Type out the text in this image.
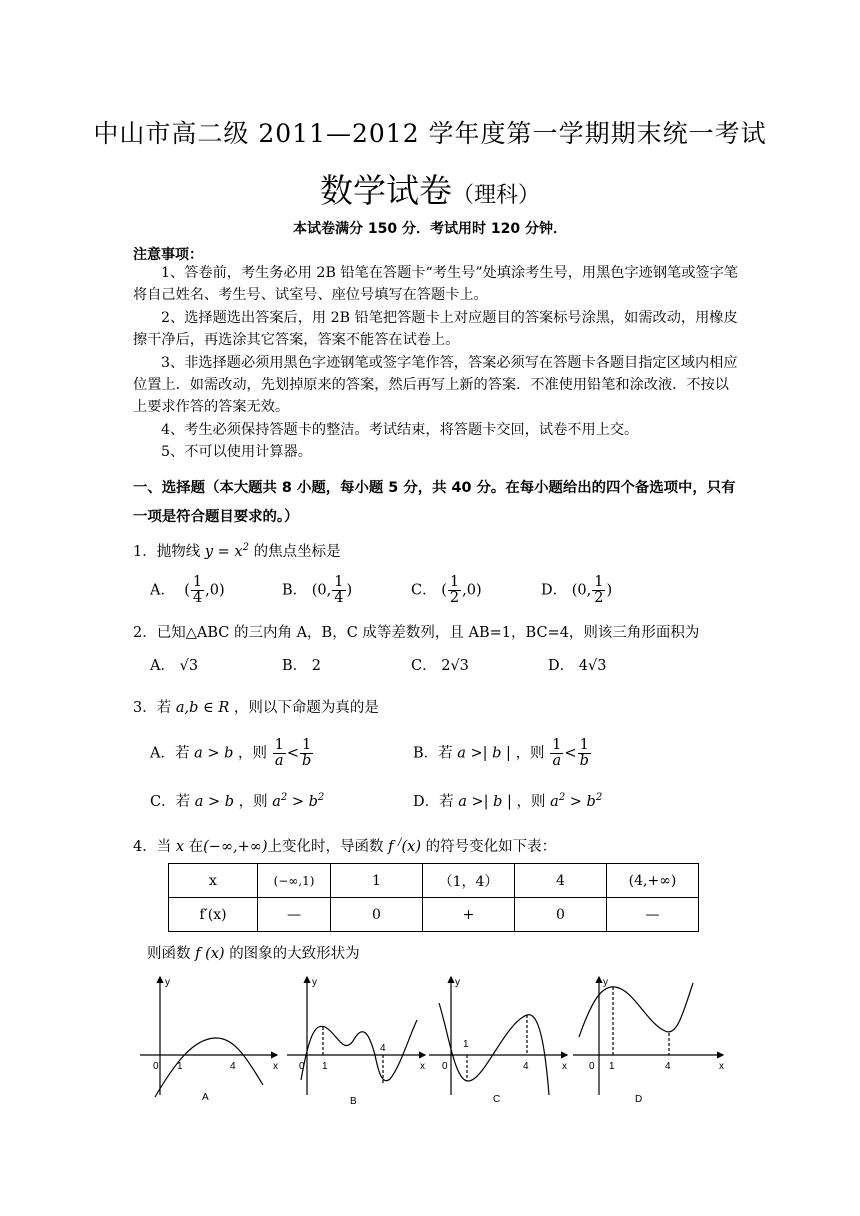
中山市高二级 2011—2012 学年度第一学期期末统一考试
数学试卷（理科）
本试卷满分 150 分．考试用时 120 分钟．
注意事项：

1、答卷前，考生务必用 2B 铅笔在答题卡“考生号”处填涂考生号，用黑色字迹钢笔或签字笔将自己姓名、考生号、试室号、座位号填写在答题卡上。

2、选择题选出答案后，用 2B 铅笔把答题卡上对应题目的答案标号涂黑，如需改动，用橡皮擦干净后，再选涂其它答案，答案不能答在试卷上。

3、非选择题必须用黑色字迹钢笔或签字笔作答，答案必须写在答题卡各题目指定区域内相应位置上．如需改动，先划掉原来的答案，然后再写上新的答案．不准使用铅笔和涂改液．不按以上要求作答的答案无效。

4、考生必须保持答题卡的整洁。考试结束，将答题卡交回，试卷不用上交。

5、不可以使用计算器。

一、选择题（本大题共 8 小题，每小题 5 分，共 40 分。在每小题给出的四个备选项中，只有一项是符合题目要求的。）
1．抛物线 $y = x^2$ 的焦点坐标是
A． ( $\frac{1}{4} ,0$)	B． (0, $\frac{1}{4}$ )	C． ( $\frac{1}{2} ,0$)	D． (0, $\frac{1}{2}$ )
2．已知△ABC 的三内角 A，B，C 成等差数列，且 AB=1，BC=4，则该三角形面积为
A． √3	B． 2	C． 2√3	D． 4√3
3．若 a,b ∈ R ，则以下命题为真的是
A．若 a > b ，则 $\frac{1}{a} < \frac{1}{b}$	B．若 a >| b | ，则 $\frac{1}{a} < \frac{1}{b}$
C．若 a > b ，则 $a^2 > b^2$	D．若 a >| b | ，则 $a^2 > b^2$
4．当 x 在(−∞,+∞)上变化时，导函数 f /(x) 的符号变化如下表：
x	(−∞,1)	1	（1，4）	4	(4,+∞)
f′(x)	—	0	+	0	—
则函数 f (x) 的图象的大致形状为
y
x
0 1	4
A
y
x
0 1
4
B
y
x
0
1
4
C
y
x
0 1	4
D
